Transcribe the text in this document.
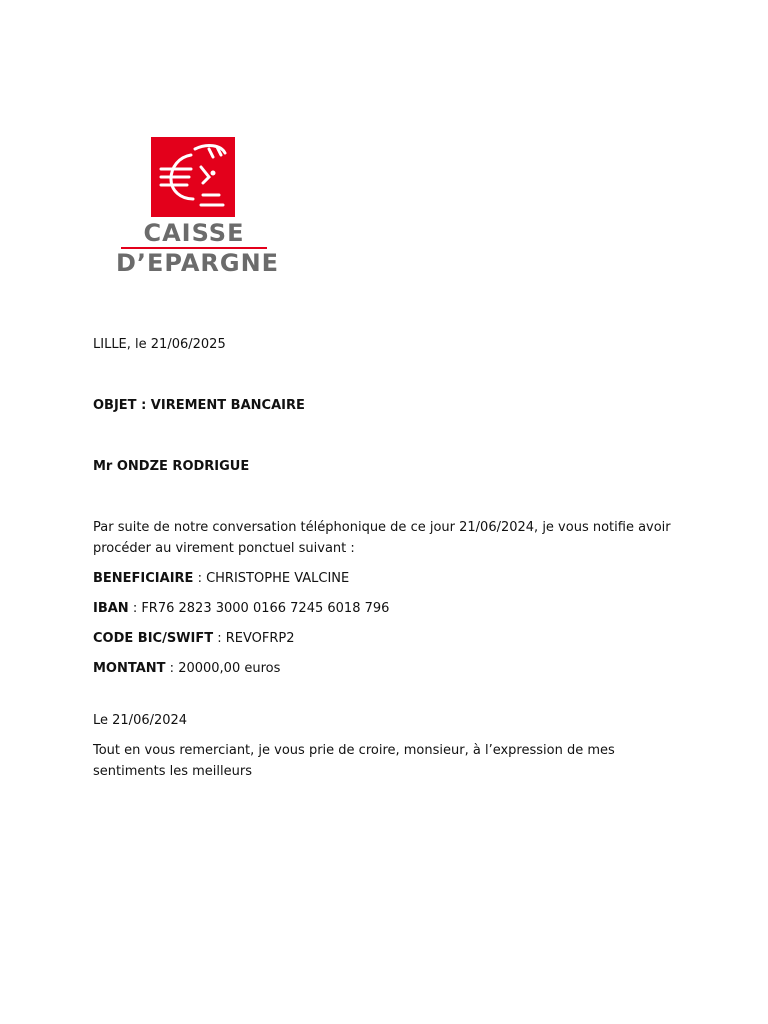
CAISSE
D’EPARGNE

LILLE, le 21/06/2025

OBJET : VIREMENT BANCAIRE

Mr ONDZE RODRIGUE

Par suite de notre conversation téléphonique de ce jour 21/06/2024, je vous notifie avoir procéder au virement ponctuel suivant :

BENEFICIAIRE : CHRISTOPHE VALCINE

IBAN : FR76 2823 3000 0166 7245 6018 796

CODE BIC/SWIFT : REVOFRP2

MONTANT : 20000,00 euros

Le 21/06/2024

Tout en vous remerciant, je vous prie de croire, monsieur, à l’expression de mes sentiments les meilleurs
